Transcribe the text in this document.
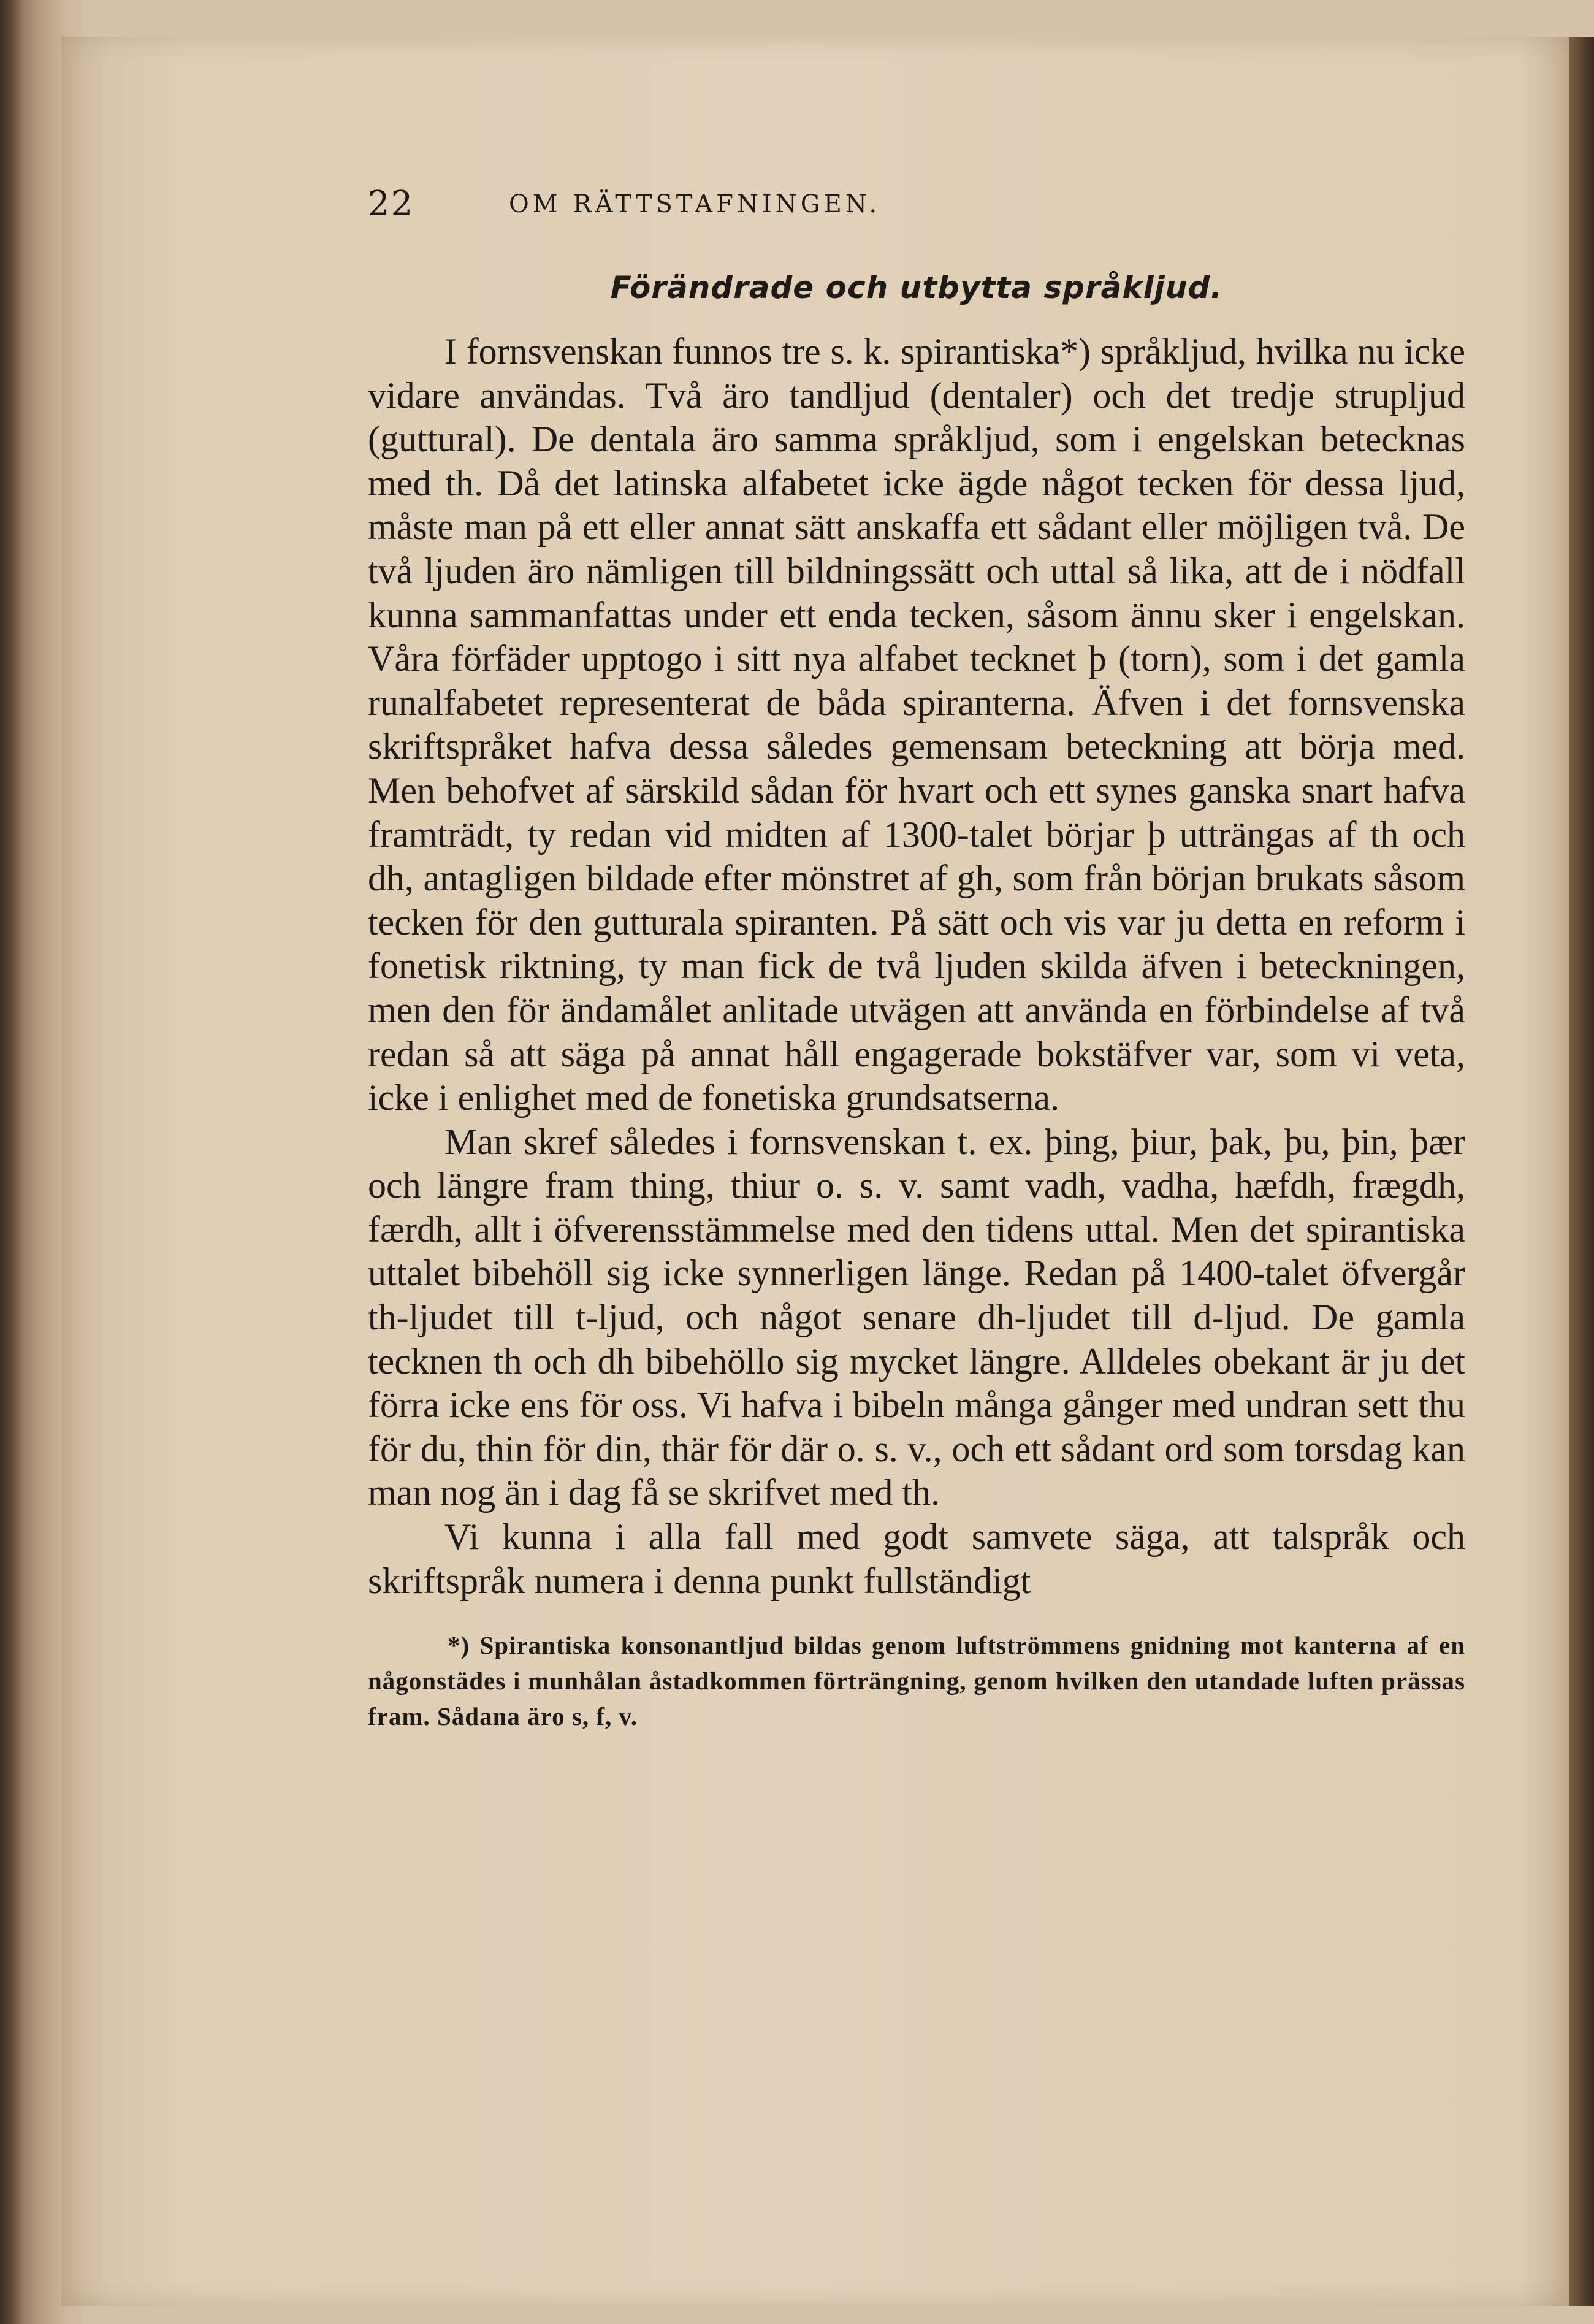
22	OM RÄTTSTAFNINGEN.
Förändrade och utbytta språkljud.

I fornsvenskan funnos tre s. k. spirantiska*) språkljud, hvilka nu icke vidare användas. Två äro tandljud (dentaler) och det tredje strupljud (guttural). De dentala äro samma språkljud, som i engelskan betecknas med th. Då det latinska alfabetet icke ägde något tecken för dessa ljud, måste man på ett eller annat sätt anskaffa ett sådant eller möjligen två. De två ljuden äro nämligen till bildningssätt och uttal så lika, att de i nödfall kunna sammanfattas under ett enda tecken, såsom ännu sker i engelskan. Våra förfäder upptogo i sitt nya alfabet tecknet þ (torn), som i det gamla runalfabetet representerat de båda spiranterna. Äfven i det fornsvenska skriftspråket hafva dessa således gemensam beteckning att börja med. Men behofvet af särskild sådan för hvart och ett synes ganska snart hafva framträdt, ty redan vid midten af 1300-talet börjar þ utträngas af th och dh, antagligen bildade efter mönstret af gh, som från början brukats såsom tecken för den gutturala spiranten. På sätt och vis var ju detta en reform i fonetisk riktning, ty man fick de två ljuden skilda äfven i beteckningen, men den för ändamålet anlitade utvägen att använda en förbindelse af två redan så att säga på annat håll engagerade bokstäfver var, som vi veta, icke i enlighet med de fonetiska grundsatserna.

Man skref således i fornsvenskan t. ex. þing, þiur, þak, þu, þin, þær och längre fram thing, thiur o. s. v. samt vadh, vadha, hæfdh, frægdh, færdh, allt i öfverensstämmelse med den tidens uttal. Men det spirantiska uttalet bibehöll sig icke synnerligen länge. Redan på 1400-talet öfvergår th-ljudet till t-ljud, och något senare dh-ljudet till d-ljud. De gamla tecknen th och dh bibehöllo sig mycket längre. Alldeles obekant är ju det förra icke ens för oss. Vi hafva i bibeln många gånger med undran sett thu för du, thin för din, thär för där o. s. v., och ett sådant ord som torsdag kan man nog än i dag få se skrifvet med th.

Vi kunna i alla fall med godt samvete säga, att talspråk och skriftspråk numera i denna punkt fullständigt

*) Spirantiska konsonantljud bildas genom luftströmmens gnidning mot kanterna af en någonstädes i munhålan åstadkommen förträngning, genom hvilken den utandade luften prässas fram. Sådana äro s, f, v.
